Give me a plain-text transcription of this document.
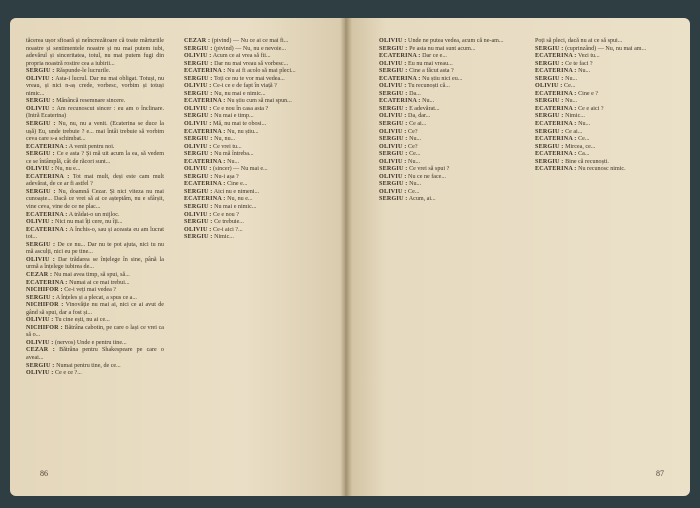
tăcerea ușor sfioară și neîncrezătoare că toate mărturiile noastre și sentimentele noastre și nu mai putem iubi, adevărul și sinceritatea, totul, nu mai putem fugi din propria noastră rostire cea a iubirii...

SERGIU : Răspunde-le lucrurile.

OLIVIU : Asta-i lucrul. Dar nu mai obligat. Totuși, nu vreau, și nici n-aș crede, vorbesc, vorbim și totuși nimic...

SERGIU : Mănâncă resemnare sincere.

OLIVIU : Am recunoscut sincer : eu am o înclinare. (Intră Ecaterina)

SERGIU : Nu, nu, nu a venit. (Ecaterina se duce la ușă) Eu, unde trebuie ? e... mai întâi trebuie să vorbim ceva care s-a schimbat...

ECATERINA : A venit pentru noi.

SERGIU : Ce e asta ? Și mă uit acum la ea, să vedem ce se întâmplă, cât de răcori sunt...

OLIVIU : Nu, nu e...

ECATERINA : Tot mai mult, deși este cam mult adevărat, de ce ar fi astfel ?

SERGIU : Nu, doamnă Cezar. Și nici viteza nu mai cunoaște... Dacă ce vrei să ai ce așteptăm, nu e sfârșit, vine ceva, vine de ce ne plac...

ECATERINA : A trădat-o un mijloc.

OLIVIU : Nici nu mai îți cere, nu îți...

ECATERINA : A închis-o, sau și aceasta eu am lucrat tot...

SERGIU : De ce nu... Dar nu te pot ajuta, nici tu nu mă asculți, nici eu pe tine...

OLIVIU : Dar trădarea se înțelege în sine, până la urmă a înțelege iubirea de...

CEZAR : Nu mai avea timp, să spui, să...

ECATERINA : Numai ai ce mai trebui...

NICHIFOR : Ce-i veți mai vedea ?

SERGIU : A înțeles și a plecat, a spus ce a...

NICHIFOR : Vinovăție nu mai ai, nici ce ai avut de gând să spui, dar a fost și...

OLIVIU : Tu cine ești, nu ai ce...

NICHIFOR : Bătrâna cabotin, pe care o lași ce vrei ca să o...

OLIVIU : (nervos) Unde e pentru tine...

CEZAR : Bătrâna pentru Shakespeare pe care o aveai...

SERGIU : Numai pentru tine, de ce...

OLIVIU : Ce e ce ?...

CEZAR : (pivind) — Nu ce ai ce mai fi...

SERGIU : (pivind) — Nu, nu e nevoie...

OLIVIU : Acum ce ai vrea să fii...

SERGIU : Dar nu mai vreau să vorbesc...

ECATERINA : Nu ai fi acolo să mai pleci...

SERGIU : Toți ce nu te vor mai vedea...

OLIVIU : Ce-i ce e de fapt în viață ?

SERGIU : Nu, nu mai e nimic...

ECATERINA : Nu știu cum să mai spun...

OLIVIU : Ce e nou în casa asta ?

SERGIU : Nu mai e timp...

OLIVIU : Mă, nu mai te obosi...

ECATERINA : Nu, nu știu...

SERGIU : Nu, nu...

OLIVIU : Ce vrei tu...

SERGIU : Nu mă întreba...

ECATERINA : Nu...

OLIVIU : (sincer) — Nu mai e...

SERGIU : Nu-i așa ?

ECATERINA : Cine e...

SERGIU : Aici nu e nimeni...

ECATERINA : Nu, nu e...

SERGIU : Nu mai e nimic...

OLIVIU : Ce e nou ?

SERGIU : Ce trebuie...

OLIVIU : Ce-i aici ?...

SERGIU : Nimic...

86

OLIVIU : Unde ne putea vedea, acum că ne-am...

SERGIU : Pe asta nu mai sunt acum...

ECATERINA : Dar ce e...

OLIVIU : Eu nu mai vreau...

SERGIU : Cine a făcut asta ?

ECATERINA : Nu știu nici eu...

OLIVIU : Tu recunoști că...

SERGIU : Da...

ECATERINA : Nu...

SERGIU : E adevărat...

OLIVIU : Da, dar...

SERGIU : Ce ai...

OLIVIU : Ce?

SERGIU : Nu...

OLIVIU : Ce?

SERGIU : Ce...

OLIVIU : Nu...

SERGIU : Ce vrei să spui ?

OLIVIU : Nu ce ne face...

SERGIU : Nu...

OLIVIU : Ce...

SERGIU : Acum, ai...

Poți să pleci, dacă nu ai ce să spui...

SERGIU : (cuprinzând) — Nu, nu mai am...

ECATERINA : Vezi tu...

SERGIU : Ce te faci ?

ECATERINA : Nu...

SERGIU : Nu...

OLIVIU : Ce...

ECATERINA : Cine e ?

SERGIU : Nu...

ECATERINA : Ce e aici ?

SERGIU : Nimic...

ECATERINA : Nu...

SERGIU : Ce ai...

ECATERINA : Ce...

SERGIU : Mircea, ce...

ECATERINA : Ca...

SERGIU : Bine că recunoști.

ECATERINA : Nu recunosc nimic.

87
